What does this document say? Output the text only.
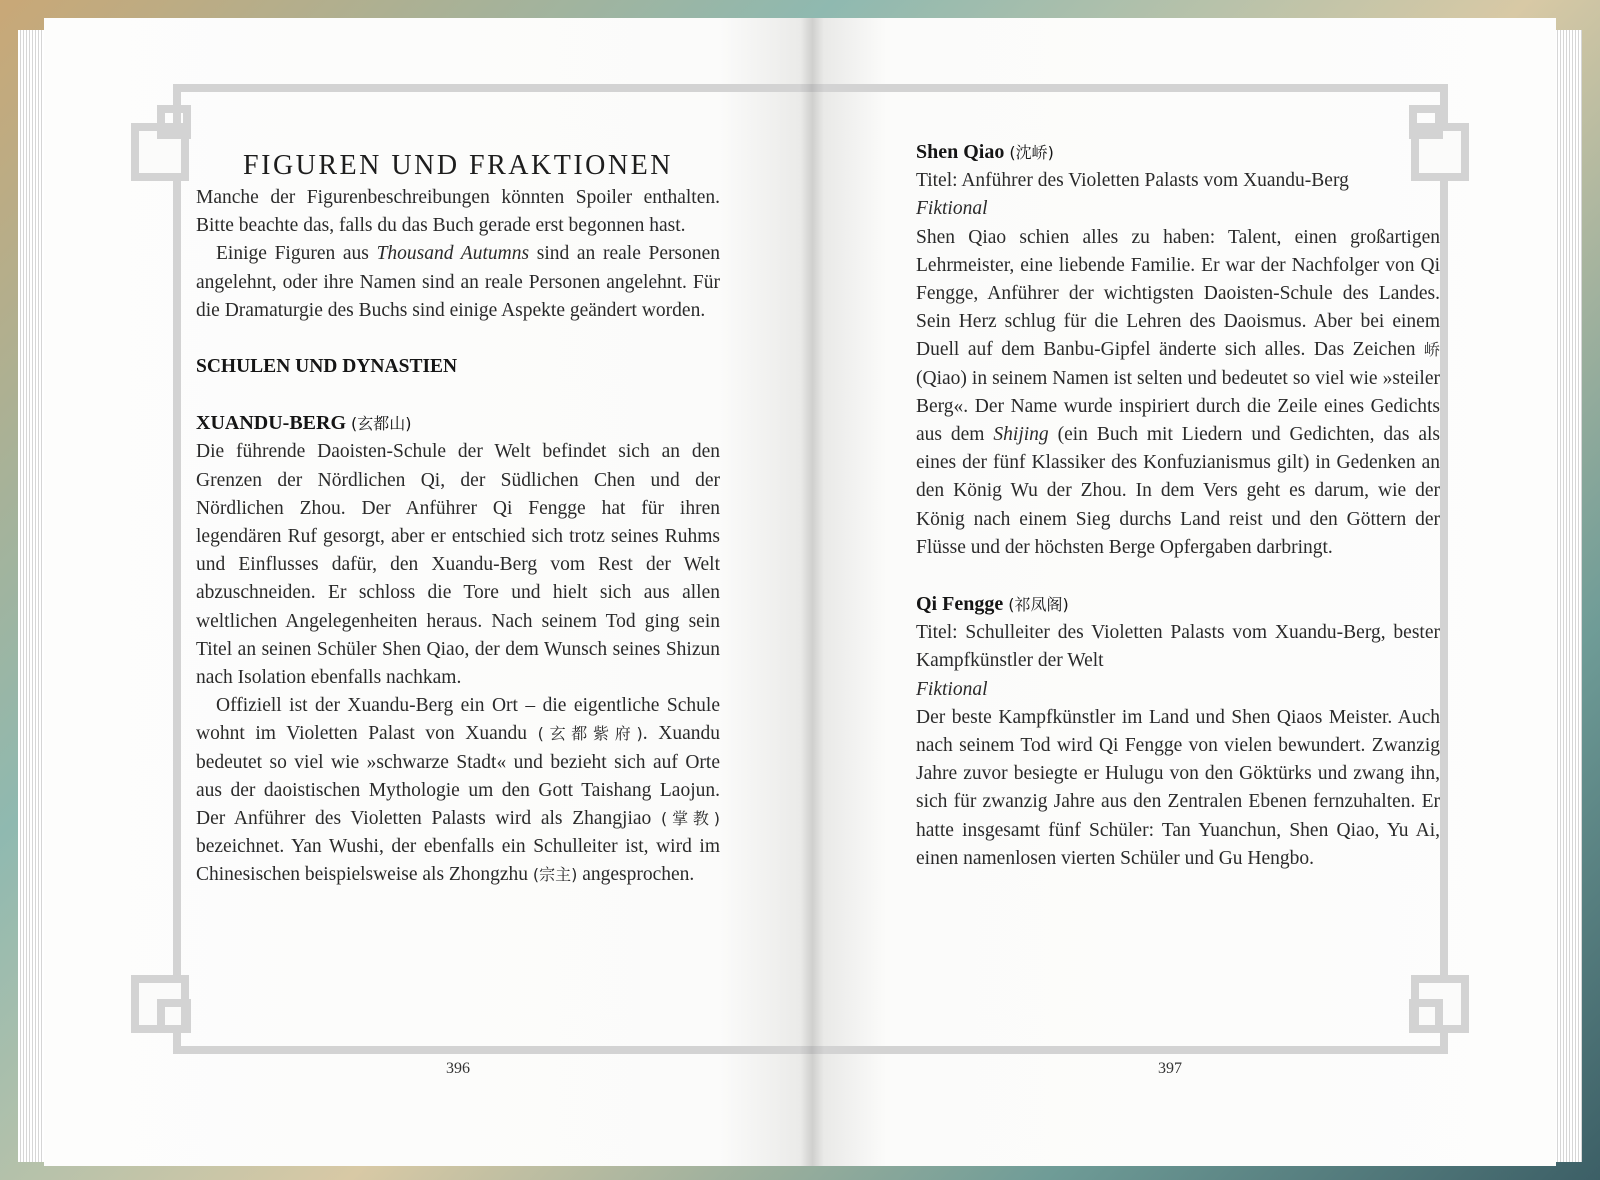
FIGUREN UND FRAKTIONEN

Manche der Figurenbeschreibungen könnten Spoiler enthalten. Bitte beachte das, falls du das Buch gerade erst begonnen hast.

Einige Figuren aus Thousand Autumns sind an reale Personen angelehnt, oder ihre Namen sind an reale Personen angelehnt. Für die Dramaturgie des Buchs sind einige Aspekte geändert worden.

SCHULEN UND DYNASTIEN

XUANDU-BERG (玄都山)

Die führende Daoisten-Schule der Welt befindet sich an den Grenzen der Nördlichen Qi, der Südlichen Chen und der Nördlichen Zhou. Der Anführer Qi Fengge hat für ihren legendären Ruf gesorgt, aber er entschied sich trotz seines Ruhms und Einflusses dafür, den Xuandu-Berg vom Rest der Welt abzuschneiden. Er schloss die Tore und hielt sich aus allen weltlichen Angelegenheiten heraus. Nach seinem Tod ging sein Titel an seinen Schüler Shen Qiao, der dem Wunsch seines Shizun nach Isolation ebenfalls nachkam.

Offiziell ist der Xuandu-Berg ein Ort – die eigentliche Schule wohnt im Violetten Palast von Xuandu (玄都紫府). Xuandu bedeutet so viel wie »schwarze Stadt« und bezieht sich auf Orte aus der daoistischen Mythologie um den Gott Taishang Laojun. Der Anführer des Violetten Palasts wird als Zhangjiao (掌教) bezeichnet. Yan Wushi, der ebenfalls ein Schulleiter ist, wird im Chinesischen beispielsweise als Zhongzhu (宗主) angesprochen.

396

Shen Qiao (沈峤)

Titel: Anführer des Violetten Palasts vom Xuandu-Berg

Fiktional

Shen Qiao schien alles zu haben: Talent, einen großartigen Lehrmeister, eine liebende Familie. Er war der Nachfolger von Qi Fengge, Anführer der wichtigsten Daoisten-Schule des Landes. Sein Herz schlug für die Lehren des Daoismus. Aber bei einem Duell auf dem Banbu-Gipfel änderte sich alles. Das Zeichen 峤 (Qiao) in seinem Namen ist selten und bedeutet so viel wie »steiler Berg«. Der Name wurde inspiriert durch die Zeile eines Gedichts aus dem Shijing (ein Buch mit Liedern und Gedichten, das als eines der fünf Klassiker des Konfuzianismus gilt) in Gedenken an den König Wu der Zhou. In dem Vers geht es darum, wie der König nach einem Sieg durchs Land reist und den Göttern der Flüsse und der höchsten Berge Opfergaben darbringt.

Qi Fengge (祁凤阁)

Titel: Schulleiter des Violetten Palasts vom Xuandu-Berg, bester Kampfkünstler der Welt

Fiktional

Der beste Kampfkünstler im Land und Shen Qiaos Meister. Auch nach seinem Tod wird Qi Fengge von vielen bewundert. Zwanzig Jahre zuvor besiegte er Hulugu von den Göktürks und zwang ihn, sich für zwanzig Jahre aus den Zentralen Ebenen fernzuhalten. Er hatte insgesamt fünf Schüler: Tan Yuanchun, Shen Qiao, Yu Ai, einen namenlosen vierten Schüler und Gu Hengbo.

397
